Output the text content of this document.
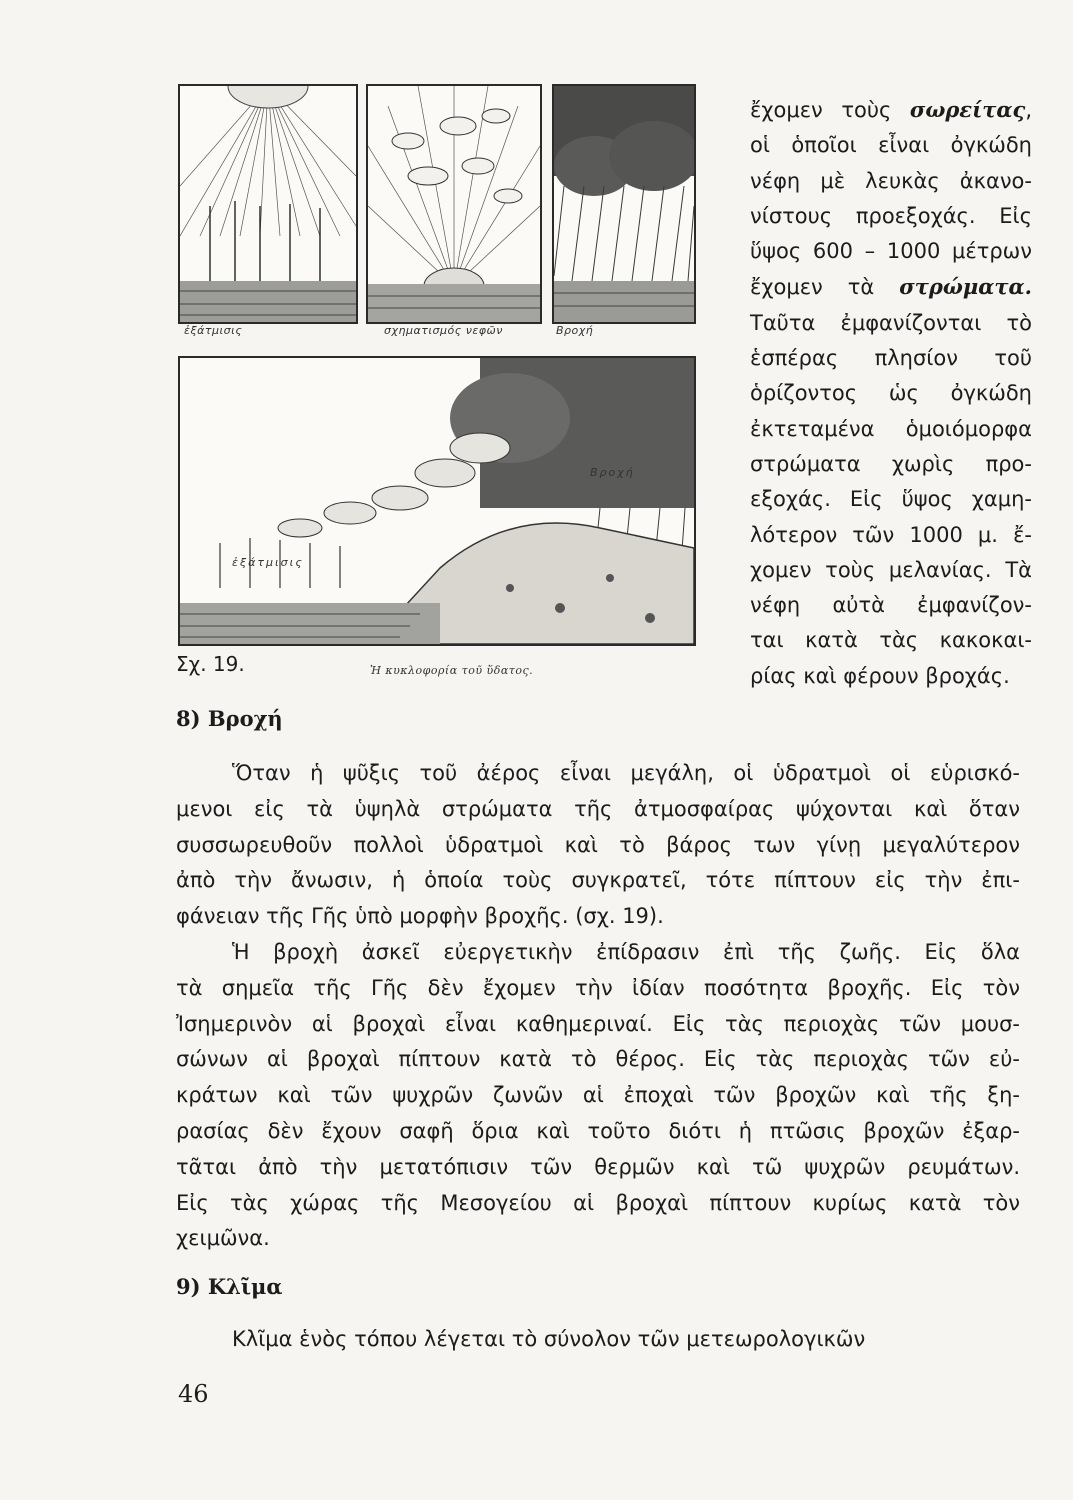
ἐξάτμισις	σχηματισμός νεφῶν	Βροχή
ἐξάτμισις
Βροχή
Σχ. 19.	Ἡ κυκλοφορία τοῦ ὕδατος.
ἔχομεν τοὺς σωρείτας,
οἱ ὁποῖοι εἶναι ὀγκώδη
νέφη μὲ λευκὰς ἀκανο-
νίστους προεξοχάς. Εἰς
ὕψος 600 – 1000 μέτρων
ἔχομεν τὰ στρώματα.
Ταῦτα ἐμφανίζονται τὸ
ἑσπέρας πλησίον τοῦ
ὁρίζοντος ὡς ὀγκώδη
ἐκτεταμένα ὁμοιόμορφα
στρώματα χωρὶς προ-
εξοχάς. Εἰς ὕψος χαμη-
λότερον τῶν 1000 μ. ἔ-
χομεν τοὺς μελανίας. Τὰ
νέφη αὐτὰ ἐμφανίζον-
ται κατὰ τὰς κακοκαι-
ρίας καὶ φέρουν βροχάς.
8) Βροχή
Ὅταν ἡ ψῦξις τοῦ ἀέρος εἶναι μεγάλη, οἱ ὑδρατμοὶ οἱ εὑρισκό-
μενοι εἰς τὰ ὑψηλὰ στρώματα τῆς ἀτμοσφαίρας ψύχονται καὶ ὅταν
συσσωρευθοῦν πολλοὶ ὑδρατμοὶ καὶ τὸ βάρος των γίνῃ μεγαλύτερον
ἀπὸ τὴν ἄνωσιν, ἡ ὁποία τοὺς συγκρατεῖ, τότε πίπτουν εἰς τὴν ἐπι-
φάνειαν τῆς Γῆς ὑπὸ μορφὴν βροχῆς. (σχ. 19).
Ἡ βροχὴ ἀσκεῖ εὐεργετικὴν ἐπίδρασιν ἐπὶ τῆς ζωῆς. Εἰς ὅλα
τὰ σημεῖα τῆς Γῆς δὲν ἔχομεν τὴν ἰδίαν ποσότητα βροχῆς. Εἰς τὸν
Ἰσημερινὸν αἱ βροχαὶ εἶναι καθημεριναί. Εἰς τὰς περιοχὰς τῶν μουσ-
σώνων αἱ βροχαὶ πίπτουν κατὰ τὸ θέρος. Εἰς τὰς περιοχὰς τῶν εὐ-
κράτων καὶ τῶν ψυχρῶν ζωνῶν αἱ ἐποχαὶ τῶν βροχῶν καὶ τῆς ξη-
ρασίας δὲν ἔχουν σαφῆ ὅρια καὶ τοῦτο διότι ἡ πτῶσις βροχῶν ἐξαρ-
τᾶται ἀπὸ τὴν μετατόπισιν τῶν θερμῶν καὶ τῶ ψυχρῶν ρευμάτων.
Εἰς τὰς χώρας τῆς Μεσογείου αἱ βροχαὶ πίπτουν κυρίως κατὰ τὸν
χειμῶνα.
9) Κλῖμα
Κλῖμα ἑνὸς τόπου λέγεται τὸ σύνολον τῶν μετεωρολογικῶν
46
